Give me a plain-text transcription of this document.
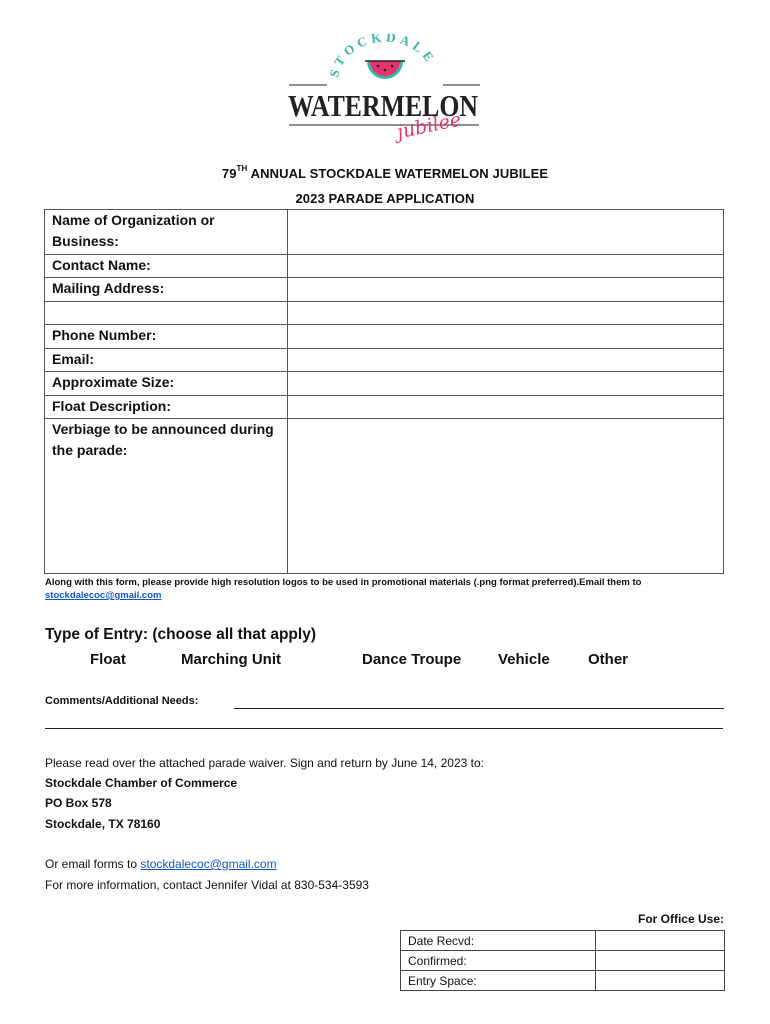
STOCKDALE
WATERMELON
jubilee
79TH ANNUAL STOCKDALE WATERMELON JUBILEE
2023 PARADE APPLICATION
Name of Organization or Business:	
Contact Name:	
Mailing Address:	

Phone Number:	
Email:	
Approximate Size:	
Float Description:	
Verbiage to be announced during the parade:	
Along with this form, please provide high resolution logos to be used in promotional materials (.png format preferred).Email them to stockdalecoc@gmail.com
Type of Entry: (choose all that apply)
Float	Marching Unit	Dance Troupe Vehicle	Other
Comments/Additional Needs:
Please read over the attached parade waiver. Sign and return by June 14, 2023 to:
Stockdale Chamber of Commerce
PO Box 578
Stockdale, TX 78160
Or email forms to stockdalecoc@gmail.com
For more information, contact Jennifer Vidal at 830-534-3593
For Office Use:
Date Recvd:	
Confirmed:	
Entry Space:	
